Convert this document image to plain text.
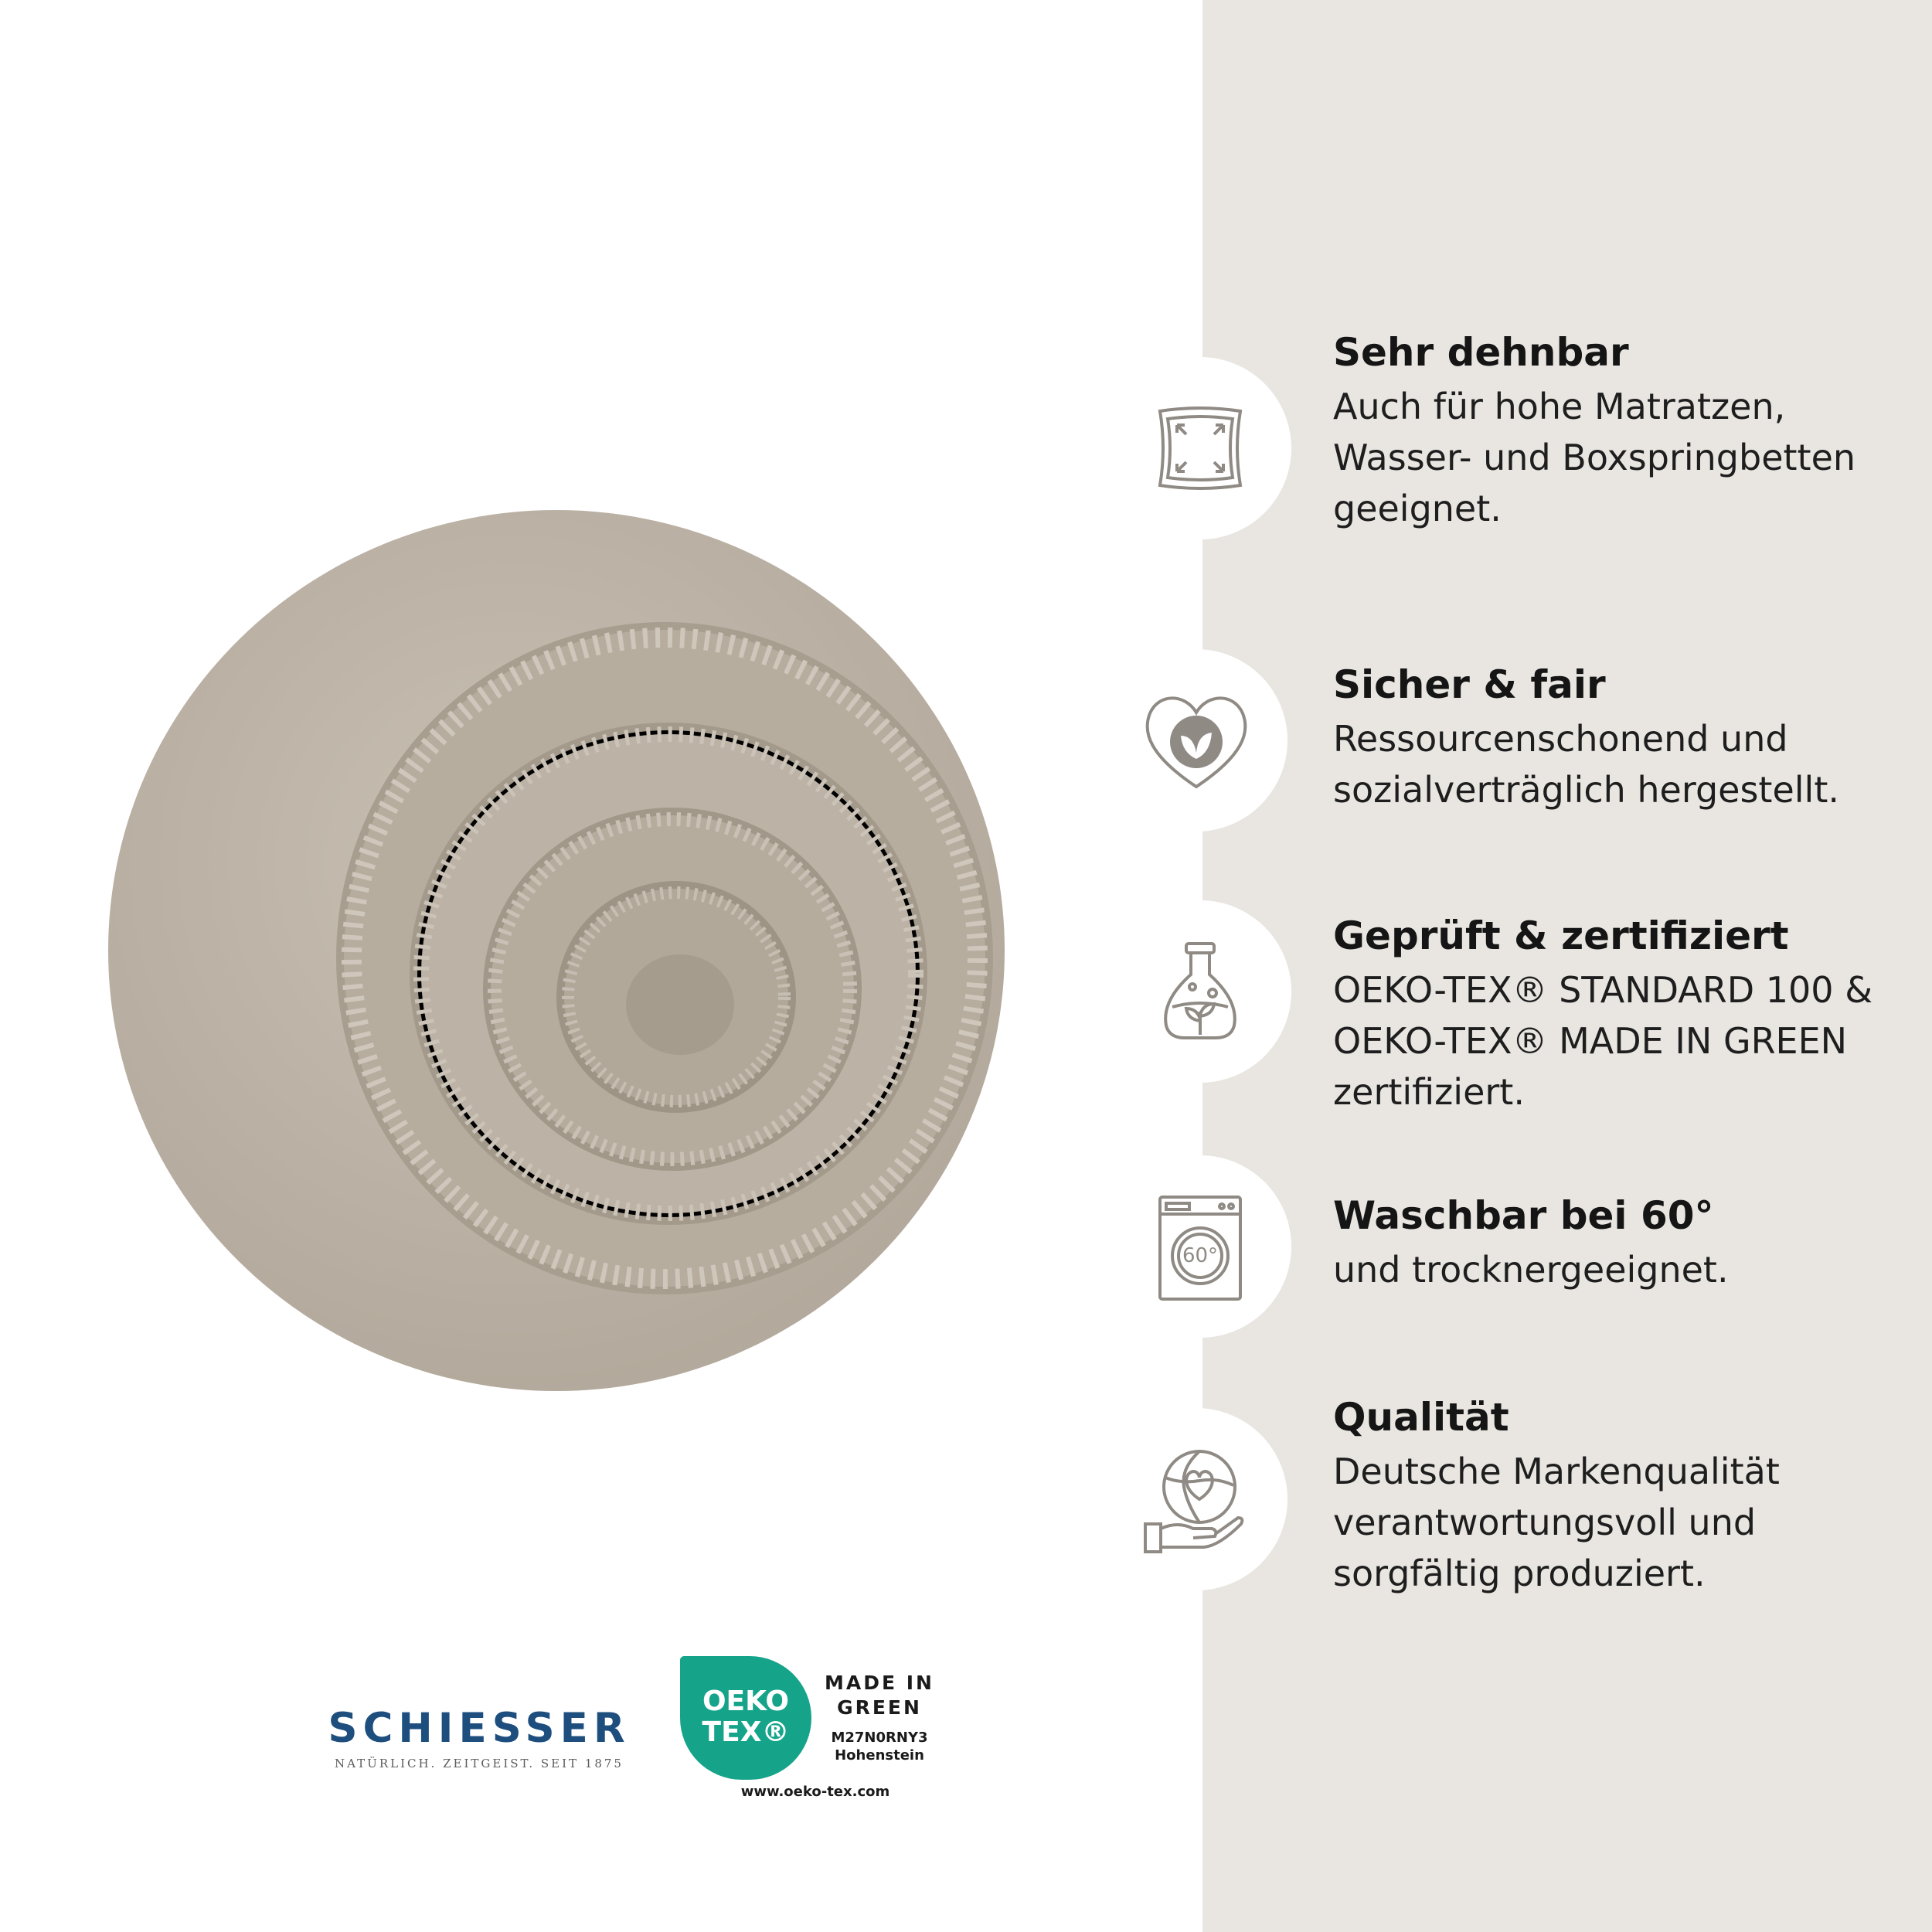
Sehr dehnbar

Auch für hohe Matratzen,

Wasser- und Boxspringbetten

geeignet.

Sicher & fair

Ressourcenschonend und

sozialverträglich hergestellt.

Geprüft & zertifiziert

OEKO-TEX® STANDARD 100 &

OEKO-TEX® MADE IN GREEN

zertifiziert.

60°

Waschbar bei 60°

und trocknergeeignet.

Qualität

Deutsche Markenqualität

verantwortungsvoll und

sorgfältig produziert.

SCHIESSER
NATÜRLICH. ZEITGEIST. SEIT 1875
OEKO
TEX®
MADE IN
GREEN
M27N0RNY3
Hohenstein
www.oeko-tex.com
